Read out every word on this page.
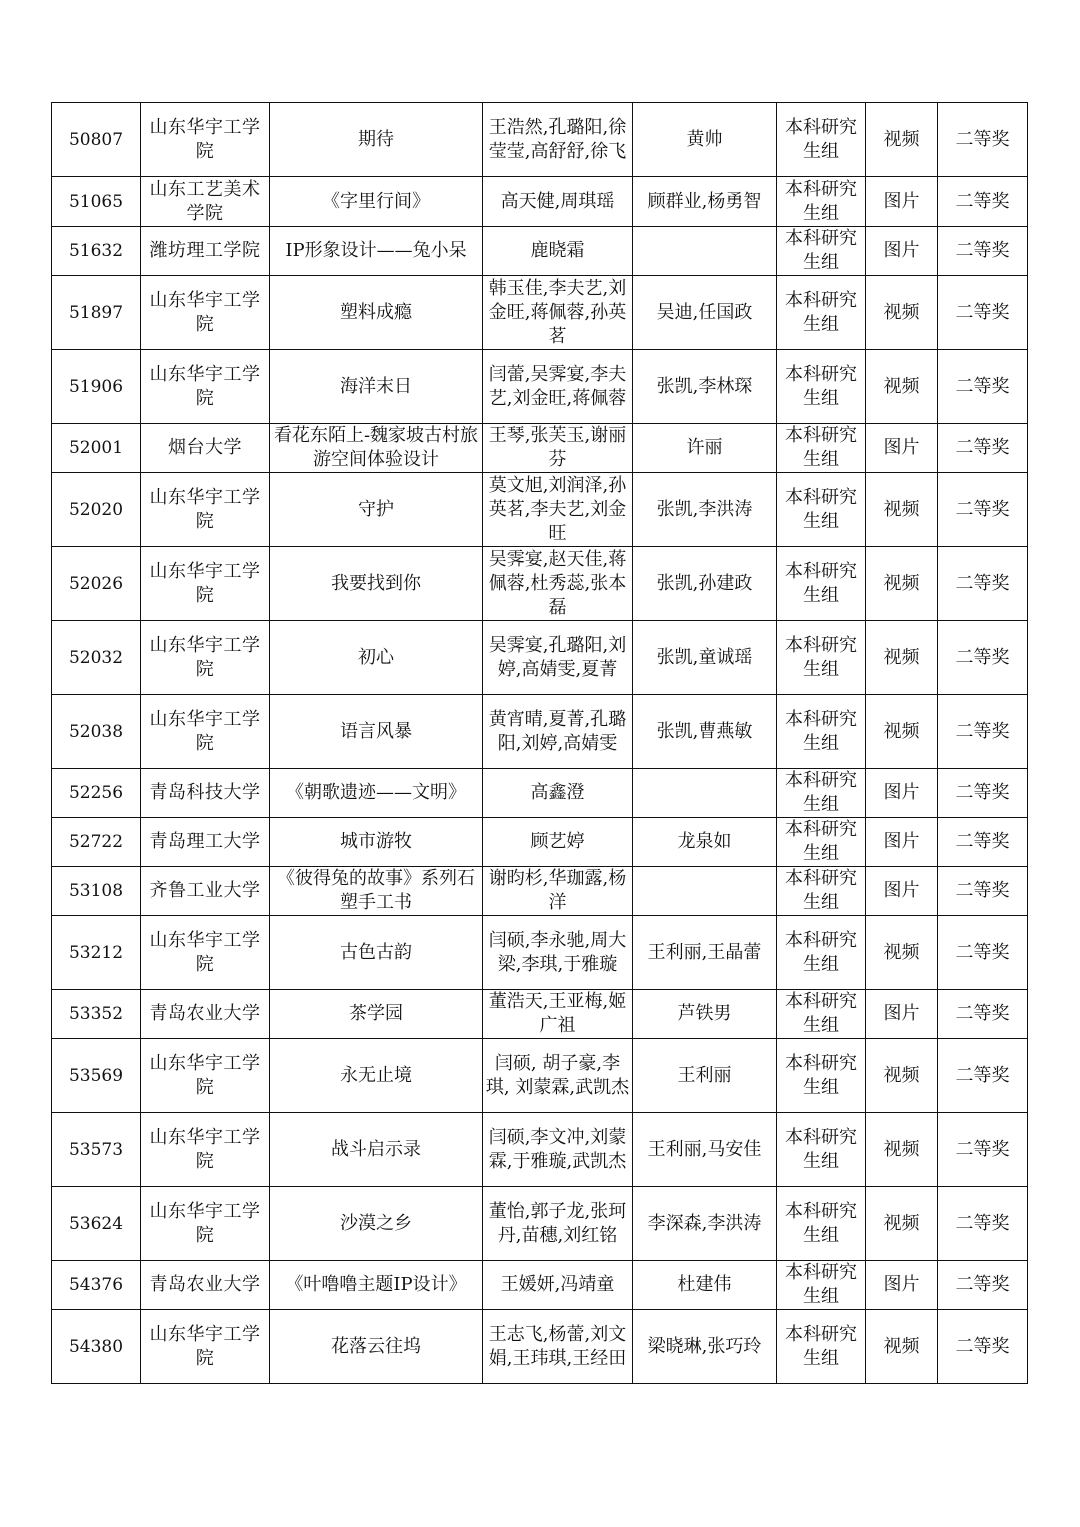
50807	山东华宇工学院	期待	王浩然,孔璐阳,徐莹莹,高舒舒,徐飞	黄帅	本科研究生组	视频	二等奖
51065	山东工艺美术学院	《字里行间》	高天健,周琪瑶	顾群业,杨勇智	本科研究生组	图片	二等奖
51632	潍坊理工学院	IP形象设计——兔小呆	鹿晓霜		本科研究生组	图片	二等奖
51897	山东华宇工学院	塑料成瘾	韩玉佳,李夫艺,刘金旺,蒋佩蓉,孙英茗	吴迪,任国政	本科研究生组	视频	二等奖
51906	山东华宇工学院	海洋末日	闫蕾,吴霁宴,李夫艺,刘金旺,蒋佩蓉	张凯,李林琛	本科研究生组	视频	二等奖
52001	烟台大学	看花东陌上-魏家坡古村旅游空间体验设计	王琴,张芙玉,谢丽芬	许丽	本科研究生组	图片	二等奖
52020	山东华宇工学院	守护	莫文旭,刘润泽,孙英茗,李夫艺,刘金旺	张凯,李洪涛	本科研究生组	视频	二等奖
52026	山东华宇工学院	我要找到你	吴霁宴,赵天佳,蒋佩蓉,杜秀蕊,张本磊	张凯,孙建政	本科研究生组	视频	二等奖
52032	山东华宇工学院	初心	吴霁宴,孔璐阳,刘婷,高婧雯,夏菁	张凯,童诚瑶	本科研究生组	视频	二等奖
52038	山东华宇工学院	语言风暴	黄宵晴,夏菁,孔璐阳,刘婷,高婧雯	张凯,曹燕敏	本科研究生组	视频	二等奖
52256	青岛科技大学	《朝歌遗迹——文明》	高鑫澄		本科研究生组	图片	二等奖
52722	青岛理工大学	城市游牧	顾艺婷	龙泉如	本科研究生组	图片	二等奖
53108	齐鲁工业大学	《彼得兔的故事》系列石塑手工书	谢昀杉,华珈露,杨洋		本科研究生组	图片	二等奖
53212	山东华宇工学院	古色古韵	闫硕,李永驰,周大梁,李琪,于雅璇	王利丽,王晶蕾	本科研究生组	视频	二等奖
53352	青岛农业大学	茶学园	董浩天,王亚梅,姬广祖	芦铁男	本科研究生组	图片	二等奖
53569	山东华宇工学院	永无止境	闫硕, 胡子豪,李琪, 刘蒙霖,武凯杰	王利丽	本科研究生组	视频	二等奖
53573	山东华宇工学院	战斗启示录	闫硕,李文冲,刘蒙霖,于雅璇,武凯杰	王利丽,马安佳	本科研究生组	视频	二等奖
53624	山东华宇工学院	沙漠之乡	董怡,郭子龙,张珂丹,苗穗,刘红铭	李深森,李洪涛	本科研究生组	视频	二等奖
54376	青岛农业大学	《叶噜噜主题IP设计》	王媛妍,冯靖童	杜建伟	本科研究生组	图片	二等奖
54380	山东华宇工学院	花落云往坞	王志飞,杨蕾,刘文娟,王玮琪,王经田	梁晓琳,张巧玲	本科研究生组	视频	二等奖
